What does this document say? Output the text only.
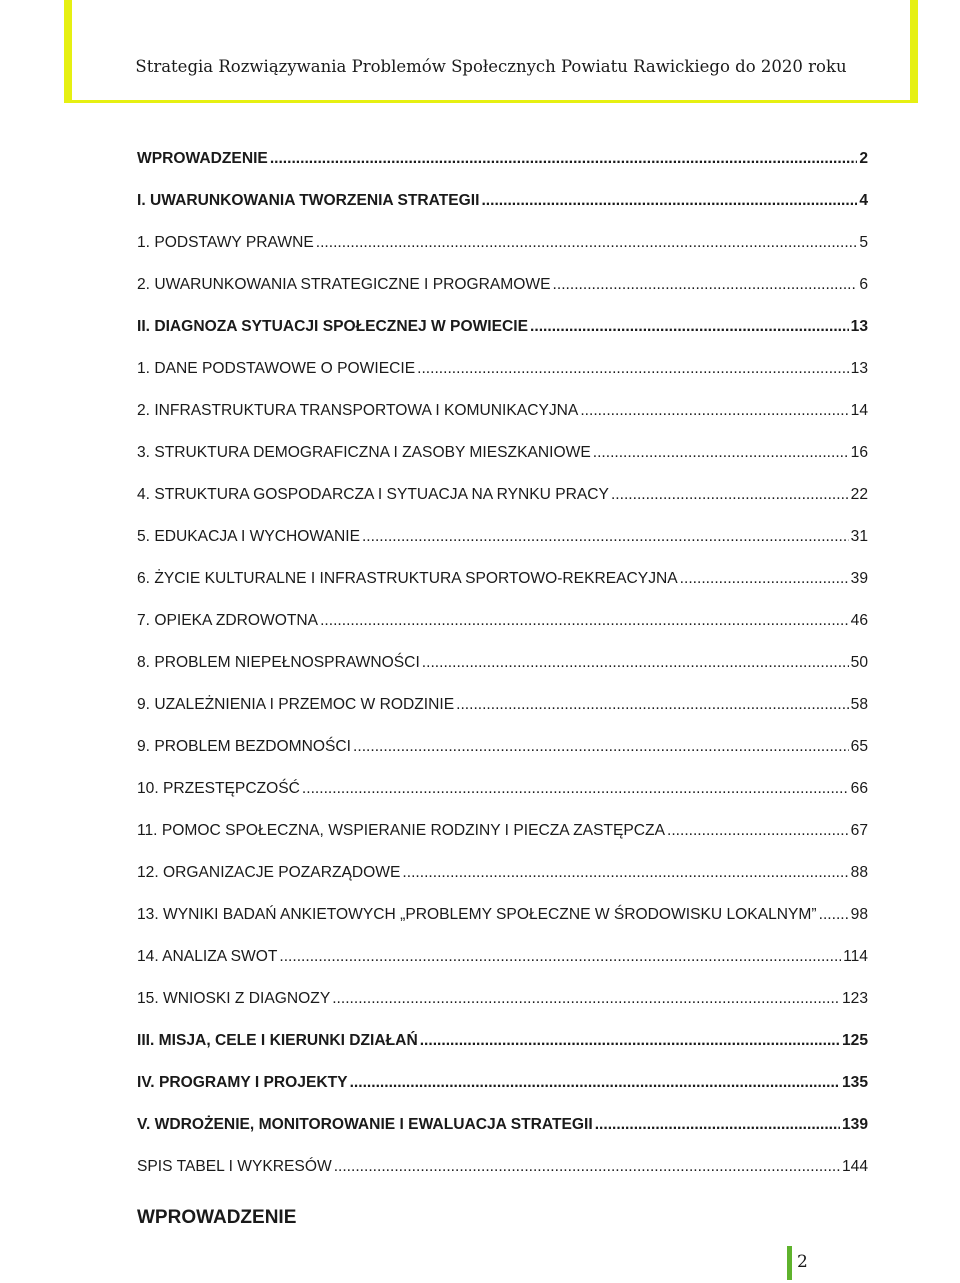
Strategia Rozwiązywania Problemów Społecznych Powiatu Rawickiego do 2020 roku
WPROWADZENIE .....	2
I. UWARUNKOWANIA TWORZENIA STRATEGII .....	4
1. PODSTAWY PRAWNE .....	5
2. UWARUNKOWANIA STRATEGICZNE I PROGRAMOWE .....	6
II. DIAGNOZA SYTUACJI SPOŁECZNEJ W POWIECIE .....	13
1. DANE PODSTAWOWE O POWIECIE .....	13
2. INFRASTRUKTURA TRANSPORTOWA I KOMUNIKACYJNA .....	14
3. STRUKTURA DEMOGRAFICZNA I ZASOBY MIESZKANIOWE .....	16
4. STRUKTURA GOSPODARCZA I SYTUACJA NA RYNKU PRACY .....	22
5. EDUKACJA I WYCHOWANIE .....	31
6. ŻYCIE KULTURALNE I INFRASTRUKTURA SPORTOWO-REKREACYJNA .....	39
7. OPIEKA ZDROWOTNA .....	46
8. PROBLEM NIEPEŁNOSPRAWNOŚCI .....	50
9. UZALEŻNIENIA I PRZEMOC W RODZINIE .....	58
9. PROBLEM BEZDOMNOŚCI .....	65
10. PRZESTĘPCZOŚĆ .....	66
11. POMOC SPOŁECZNA, WSPIERANIE RODZINY I PIECZA ZASTĘPCZA .....	67
12. ORGANIZACJE POZARZĄDOWE .....	88
13. WYNIKI BADAŃ ANKIETOWYCH „PROBLEMY SPOŁECZNE W ŚRODOWISKU LOKALNYM” ..... 98
14. ANALIZA SWOT .....	114
15. WNIOSKI Z DIAGNOZY .....	123
III. MISJA, CELE I KIERUNKI DZIAŁAŃ .....	125
IV. PROGRAMY I PROJEKTY .....	135
V. WDROŻENIE, MONITOROWANIE I EWALUACJA STRATEGII .....	139
SPIS TABEL I WYKRESÓW .....	144
WPROWADZENIE
2
